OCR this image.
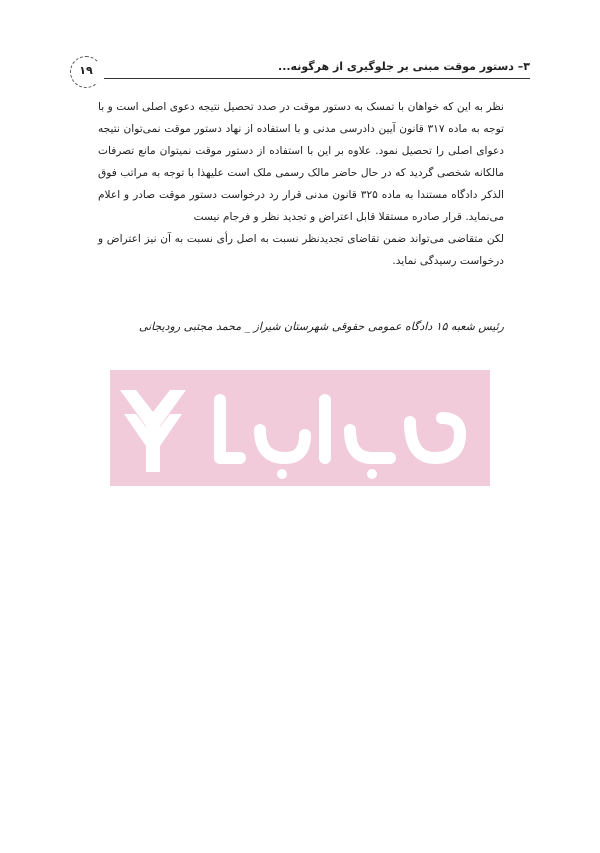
۱۹	۳– دستور موقت مبنی بر جلوگیری از هرگونه...

نظر به این که خواهان با تمسک به دستور موقت در صدد تحصیل نتیجه دعوی اصلی است و با توجه به ماده ۳۱۷ قانون آیین دادرسی مدنی و با استفاده از نهاد دستور موقت نمی‌توان نتیجه دعوای اصلی را تحصیل نمود. علاوه بر این با استفاده از دستور موقت نمیتوان مانع تصرفات مالکانه شخصی گردید که در حال حاضر مالک رسمی ملک است علیهذا با توجه به مراتب فوق الذکر دادگاه مستندا به ماده ۳۲۵ قانون مدنی قرار رد درخواست دستور موقت صادر و اعلام می‌نماید. قرار صادره مستقلا قابل اعتراض و تجدید نظر و فرجام نیست

لکن متقاضی می‌تواند ضمن تقاضای تجدیدنظر نسبت به اصل رأی نسبت به آن نیز اعتراض و درخواست رسیدگی نماید.

رئیس شعبه ۱۵ دادگاه عمومی حقوقی شهرستان شیراز _ محمد مجتبی رودیجانی
